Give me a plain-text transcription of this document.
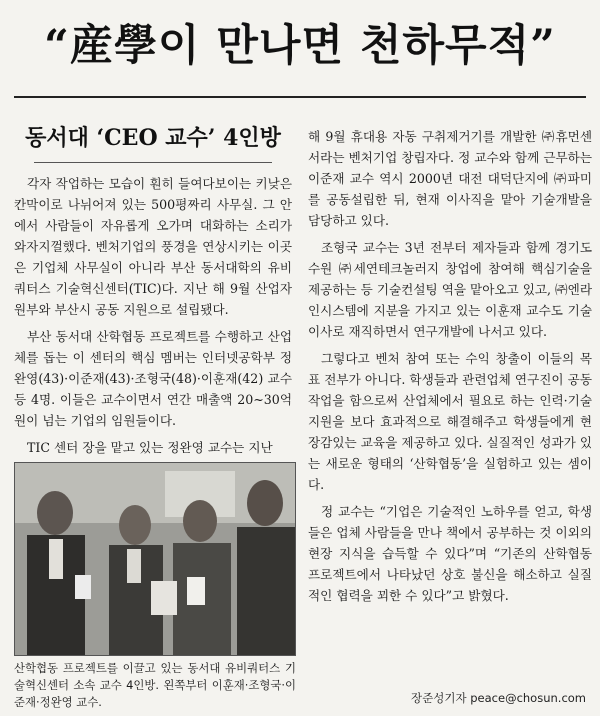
“産學이 만나면 천하무적”
동서대 ‘CEO 교수’ 4인방

각자 작업하는 모습이 훤히 들여다보이는 키낮은 칸막이로 나뉘어져 있는 500평짜리 사무실. 그 안에서 사람들이 자유롭게 오가며 대화하는 소리가 와자지껄했다. 벤처기업의 풍경을 연상시키는 이곳은 기업체 사무실이 아니라 부산 동서대학의 유비쿼터스 기술혁신센터(TIC)다. 지난 해 9월 산업자원부와 부산시 공동 지원으로 설립됐다.

부산 동서대 산학협동 프로젝트를 수행하고 산업체를 돕는 이 센터의 핵심 멤버는 인터넷공학부 정완영(43)·이준재(43)·조형국(48)·이훈재(42) 교수 등 4명. 이들은 교수이면서 연간 매출액 20~30억원이 넘는 기업의 임원들이다.

TIC 센터 장을 맡고 있는 정완영 교수는 지난

산학협동 프로젝트를 이끌고 있는 동서대 유비쿼터스 기술혁신센터 소속 교수 4인방. 왼쪽부터 이훈재·조형국·이준재·정완영 교수.

해 9월 휴대용 자동 구취제거기를 개발한 ㈜휴먼센서라는 벤처기업 창립자다. 정 교수와 함께 근무하는 이준재 교수 역시 2000년 대전 대덕단지에 ㈜파미를 공동설립한 뒤, 현재 이사직을 맡아 기술개발을 담당하고 있다.

조형국 교수는 3년 전부터 제자들과 함께 경기도 수원 ㈜세연테크놀러지 창업에 참여해 핵심기술을 제공하는 등 기술컨설팅 역을 맡아오고 있고, ㈜엔라인시스템에 지분을 가지고 있는 이훈재 교수도 기술이사로 재직하면서 연구개발에 나서고 있다.

그렇다고 벤처 참여 또는 수익 창출이 이들의 목표 전부가 아니다. 학생들과 관련업체 연구진이 공동 작업을 함으로써 산업체에서 필요로 하는 인력·기술 지원을 보다 효과적으로 해결해주고 학생들에게 현장감있는 교육을 제공하고 있다. 실질적인 성과가 있는 새로운 형태의 ‘산학협동’을 실험하고 있는 셈이다.

정 교수는 “기업은 기술적인 노하우를 얻고, 학생들은 업체 사람들을 만나 책에서 공부하는 것 이외의 현장 지식을 습득할 수 있다”며 “기존의 산학협동 프로젝트에서 나타났던 상호 불신을 해소하고 실질적인 협력을 꾀한 수 있다”고 밝혔다.

장준성기자 peace@chosun.com
